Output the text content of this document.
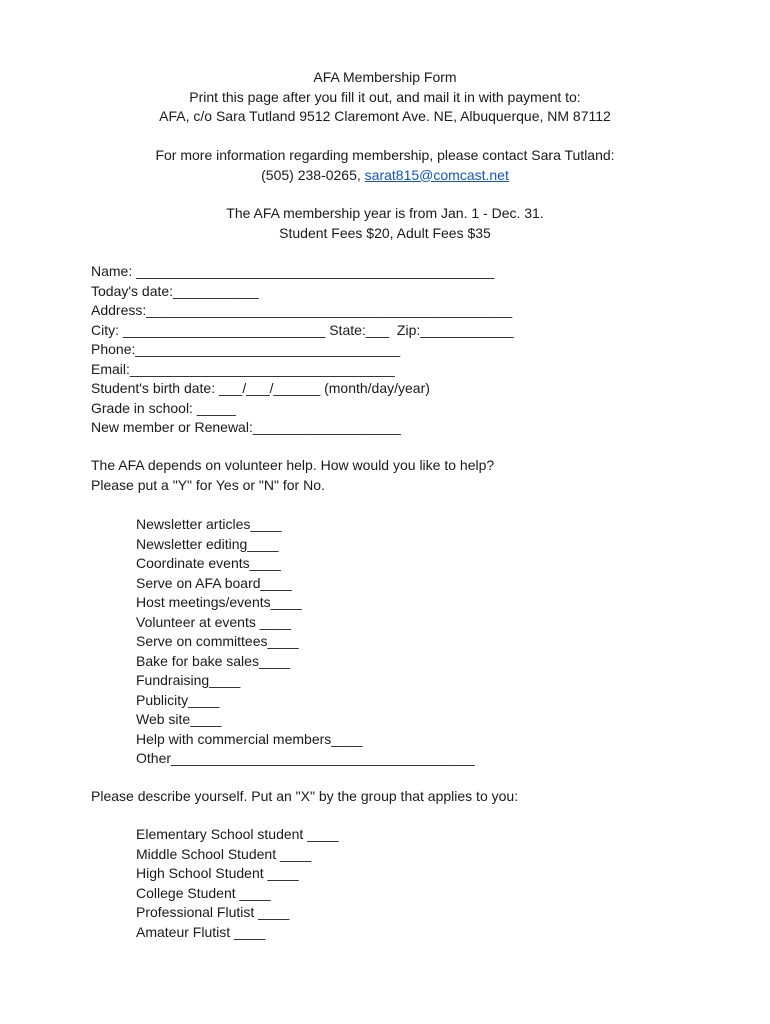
AFA Membership Form
Print this page after you fill it out, and mail it in with payment to:
AFA, c/o Sara Tutland 9512 Claremont Ave. NE, Albuquerque, NM 87112
For more information regarding membership, please contact Sara Tutland:
(505) 238-0265, sarat815@comcast.net
The AFA membership year is from Jan. 1 - Dec. 31.
Student Fees $20, Adult Fees $35
Name: ______________________________________________
Today's date:___________
Address:_______________________________________________
City: __________________________ State:___  Zip:____________
Phone:__________________________________
Email:__________________________________
Student's birth date: ___/___/______ (month/day/year)
Grade in school: _____
New member or Renewal:___________________
The AFA depends on volunteer help. How would you like to help?
Please put a "Y" for Yes or "N" for No.
Newsletter articles____
Newsletter editing____
Coordinate events____
Serve on AFA board____
Host meetings/events____
Volunteer at events ____
Serve on committees____
Bake for bake sales____
Fundraising____
Publicity____
Web site____
Help with commercial members____
Other_______________________________________
Please describe yourself. Put an "X" by the group that applies to you:
Elementary School student ____
Middle School Student ____
High School Student ____
College Student ____
Professional Flutist ____
Amateur Flutist ____
